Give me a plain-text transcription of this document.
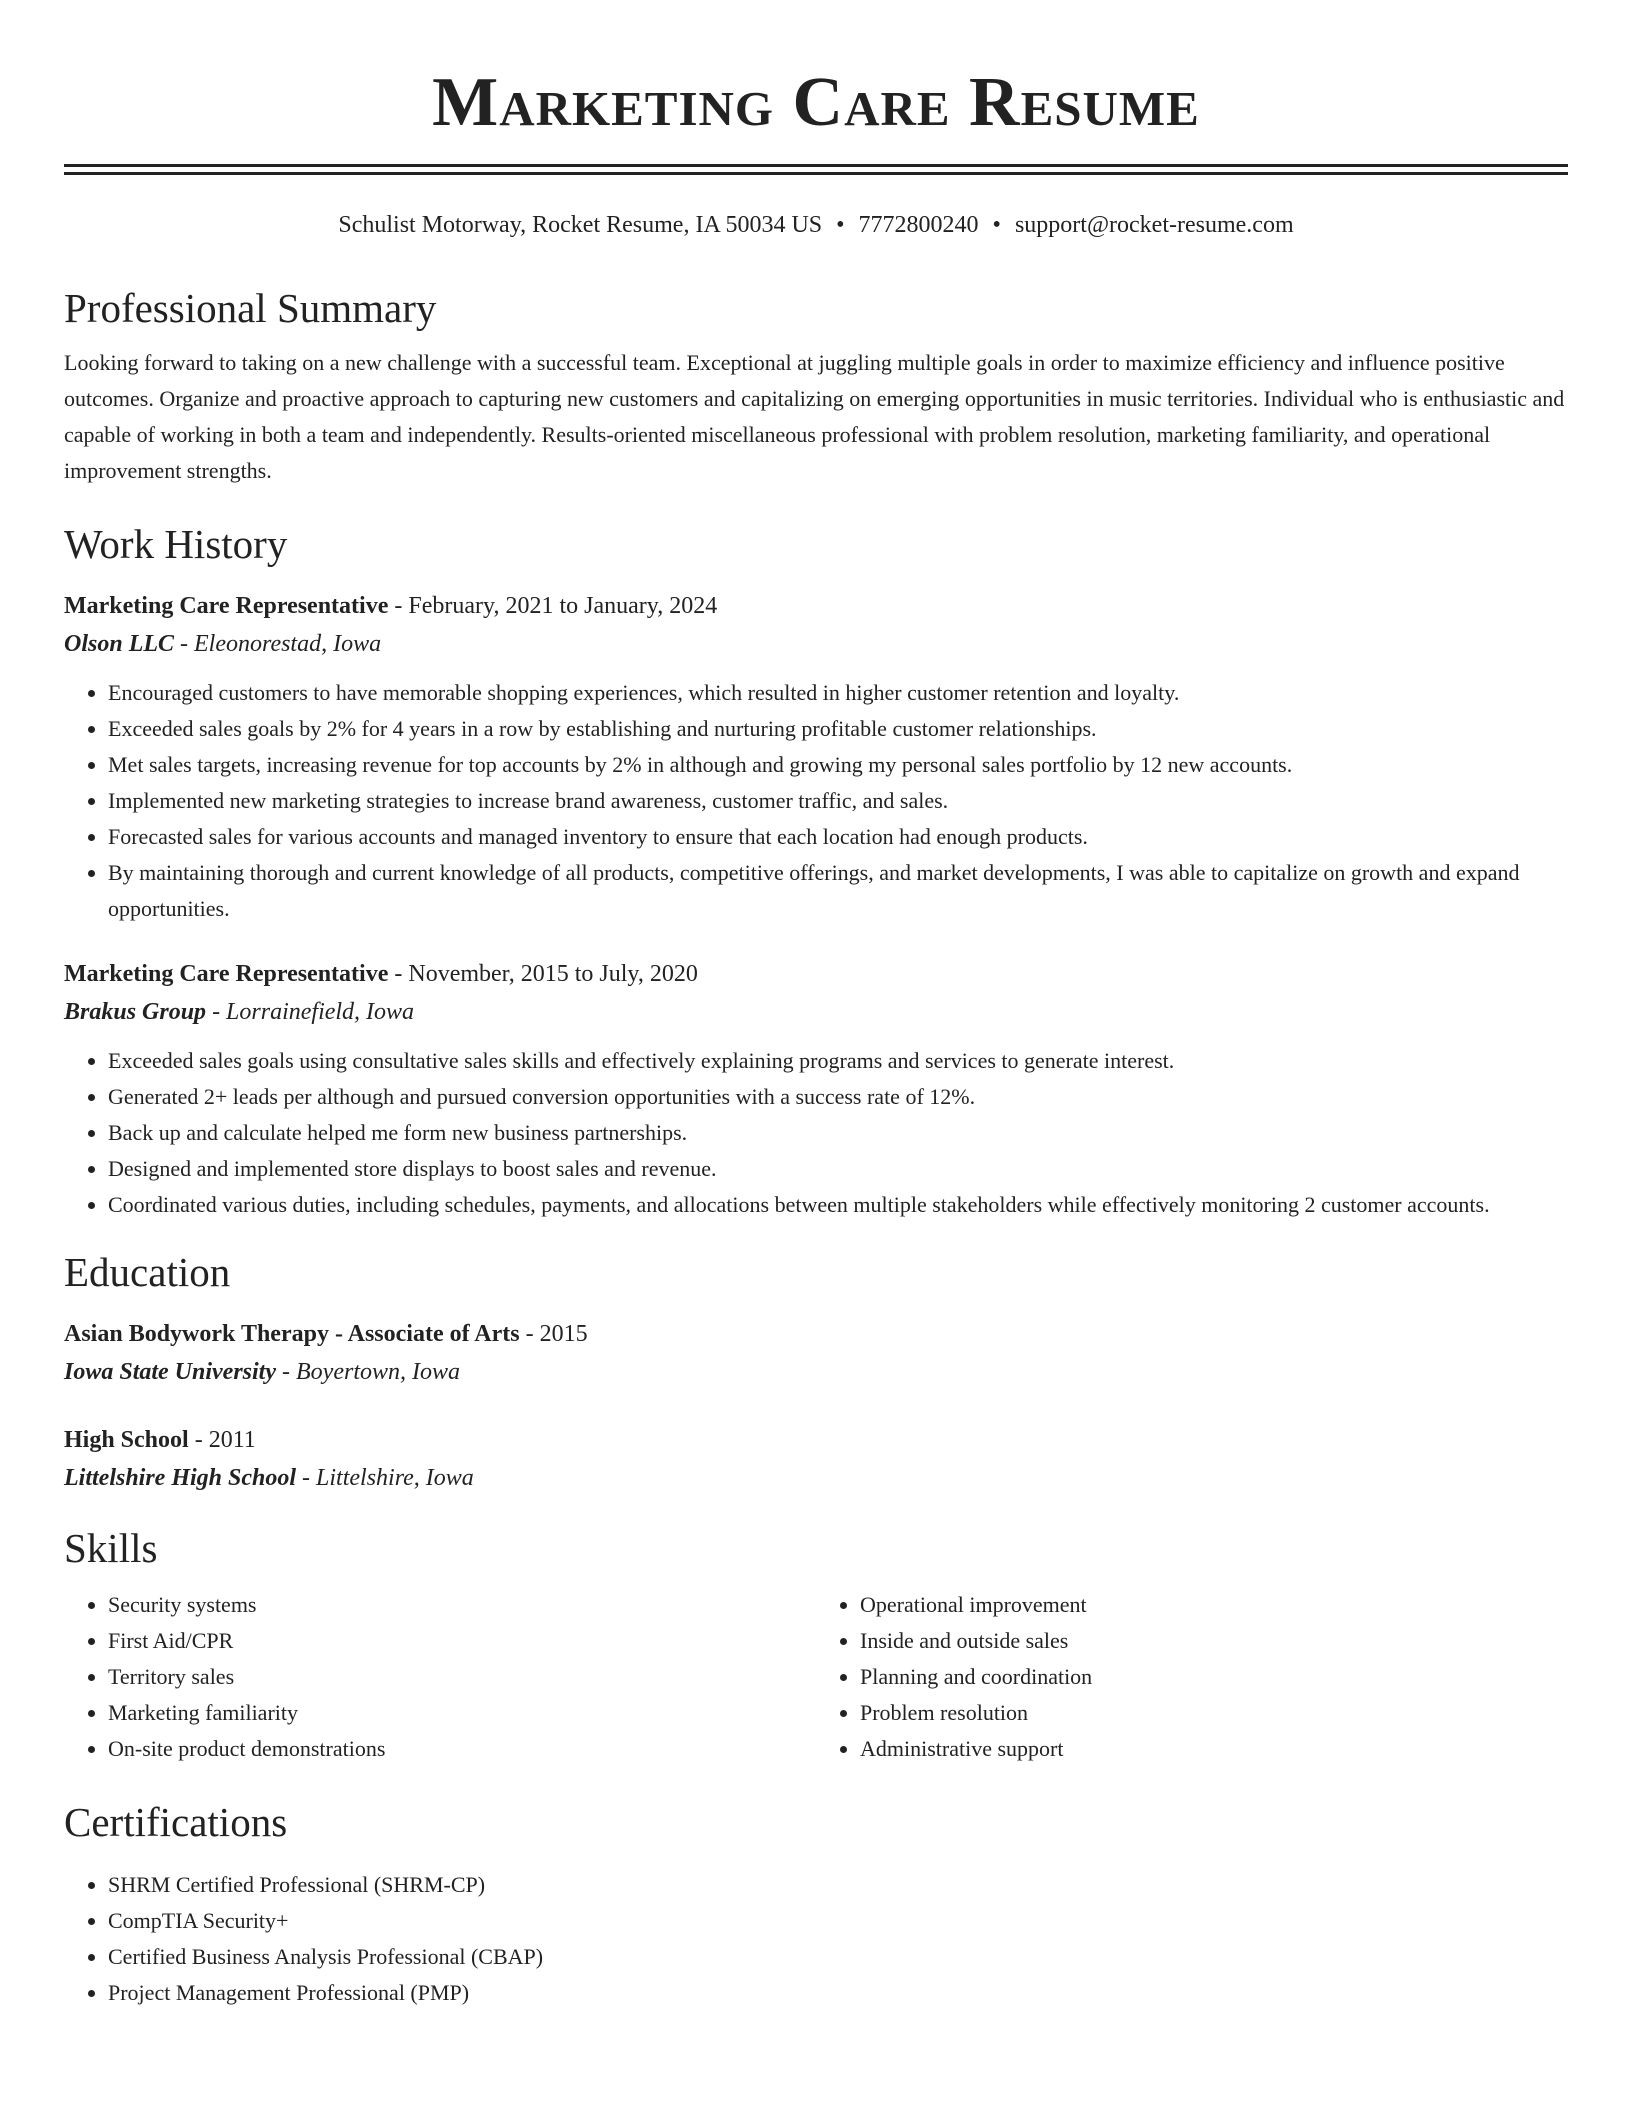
Marketing Care Resume
Schulist Motorway, Rocket Resume, IA 50034 US • 7772800240 • support@rocket-resume.com
Professional Summary

Looking forward to taking on a new challenge with a successful team. Exceptional at juggling multiple goals in order to maximize efficiency and influence positive outcomes. Organize and proactive approach to capturing new customers and capitalizing on emerging opportunities in music territories. Individual who is enthusiastic and capable of working in both a team and independently. Results-oriented miscellaneous professional with problem resolution, marketing familiarity, and operational improvement strengths.

Work History
Marketing Care Representative - February, 2021 to January, 2024
Olson LLC - Eleonorestad, Iowa
• Encouraged customers to have memorable shopping experiences, which resulted in higher customer retention and loyalty.
• Exceeded sales goals by 2% for 4 years in a row by establishing and nurturing profitable customer relationships.
• Met sales targets, increasing revenue for top accounts by 2% in although and growing my personal sales portfolio by 12 new accounts.
• Implemented new marketing strategies to increase brand awareness, customer traffic, and sales.
• Forecasted sales for various accounts and managed inventory to ensure that each location had enough products.
• By maintaining thorough and current knowledge of all products, competitive offerings, and market developments, I was able to capitalize on growth and expand opportunities.
Marketing Care Representative - November, 2015 to July, 2020
Brakus Group - Lorrainefield, Iowa
• Exceeded sales goals using consultative sales skills and effectively explaining programs and services to generate interest.
• Generated 2+ leads per although and pursued conversion opportunities with a success rate of 12%.
• Back up and calculate helped me form new business partnerships.
• Designed and implemented store displays to boost sales and revenue.
• Coordinated various duties, including schedules, payments, and allocations between multiple stakeholders while effectively monitoring 2 customer accounts.
Education
Asian Bodywork Therapy - Associate of Arts - 2015
Iowa State University - Boyertown, Iowa
High School - 2011
Littelshire High School - Littelshire, Iowa
Skills
• Security systems
• First Aid/CPR
• Territory sales
• Marketing familiarity
• On-site product demonstrations
• Operational improvement
• Inside and outside sales
• Planning and coordination
• Problem resolution
• Administrative support
Certifications
• SHRM Certified Professional (SHRM-CP)
• CompTIA Security+
• Certified Business Analysis Professional (CBAP)
• Project Management Professional (PMP)
